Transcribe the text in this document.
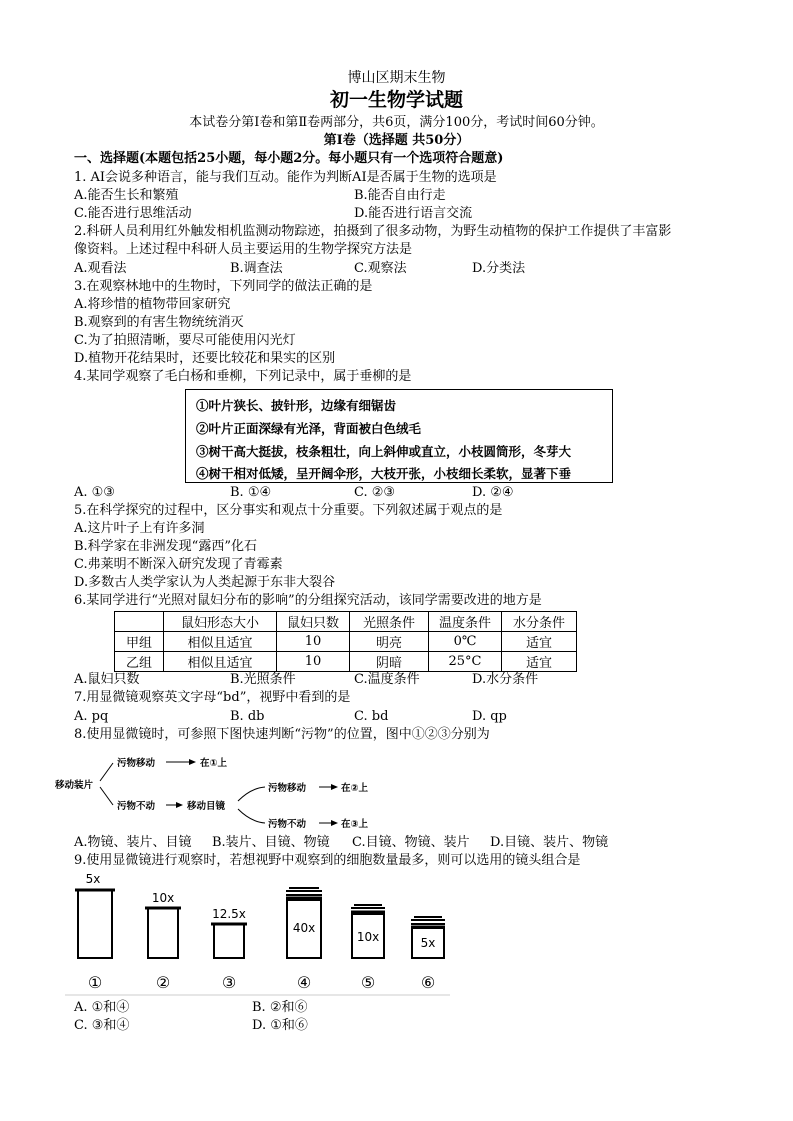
博山区期末生物
初一生物学试题
本试卷分第Ⅰ卷和第Ⅱ卷两部分，共6页，满分100分，考试时间60分钟。
第Ⅰ卷（选择题 共50分）
一、选择题(本题包括25小题，每小题2分。每小题只有一个选项符合题意)
1. AI会说多种语言，能与我们互动。能作为判断AI是否属于生物的选项是
A.能否生长和繁殖	B.能否自由行走
C.能否进行思维活动	D.能否进行语言交流
2.科研人员利用红外触发相机监测动物踪迹，拍摄到了很多动物，为野生动植物的保护工作提供了丰富影
像资料。上述过程中科研人员主要运用的生物学探究方法是
A.观看法	B.调查法	C.观察法	D.分类法
3.在观察林地中的生物时，下列同学的做法正确的是
A.将珍惜的植物带回家研究
B.观察到的有害生物统统消灭
C.为了拍照清晰，要尽可能使用闪光灯
D.植物开花结果时，还要比较花和果实的区别
4.某同学观察了毛白杨和垂柳，下列记录中，属于垂柳的是
①叶片狭长、披针形，边缘有细锯齿
②叶片正面深绿有光泽，背面被白色绒毛
③树干高大挺拔，枝条粗壮，向上斜伸或直立，小枝圆筒形，冬芽大
④树干相对低矮，呈开阔伞形，大枝开张，小枝细长柔软，显著下垂
A. ①③	B. ①④	C. ②③	D. ②④
5.在科学探究的过程中，区分事实和观点十分重要。下列叙述属于观点的是
A.这片叶子上有许多洞
B.科学家在非洲发现“露西”化石
C.弗莱明不断深入研究发现了青霉素
D.多数古人类学家认为人类起源于东非大裂谷
6.某同学进行“光照对鼠妇分布的影响”的分组探究活动，该同学需要改进的地方是
	鼠妇形态大小	鼠妇只数	光照条件	温度条件	水分条件
甲组	相似且适宜	10	明亮	0℃	适宜
乙组	相似且适宜	10	阴暗	25°C	适宜
A.鼠妇只数	B.光照条件	C.温度条件	D.水分条件
7.用显微镜观察英文字母“bd”，视野中看到的是
A. pq	B. db	C. bd	D. qp
8.使用显微镜时，可参照下图快速判断“污物”的位置，图中①②③分别为
移动装片
污物移动	在①上
污物不动	移动目镜
污物移动	在②上
污物不动	在③上
A.物镜、装片、目镜 B.装片、目镜、物镜 C.目镜、物镜、装片 D.目镜、装片、物镜
9.使用显微镜进行观察时，若想视野中观察到的细胞数量最多，则可以选用的镜头组合是
5x
10x
12.5x
40x
10x	5x
①	②	③	④	⑤	⑥
A. ①和④	B. ②和⑥
C. ③和④	D. ①和⑥
